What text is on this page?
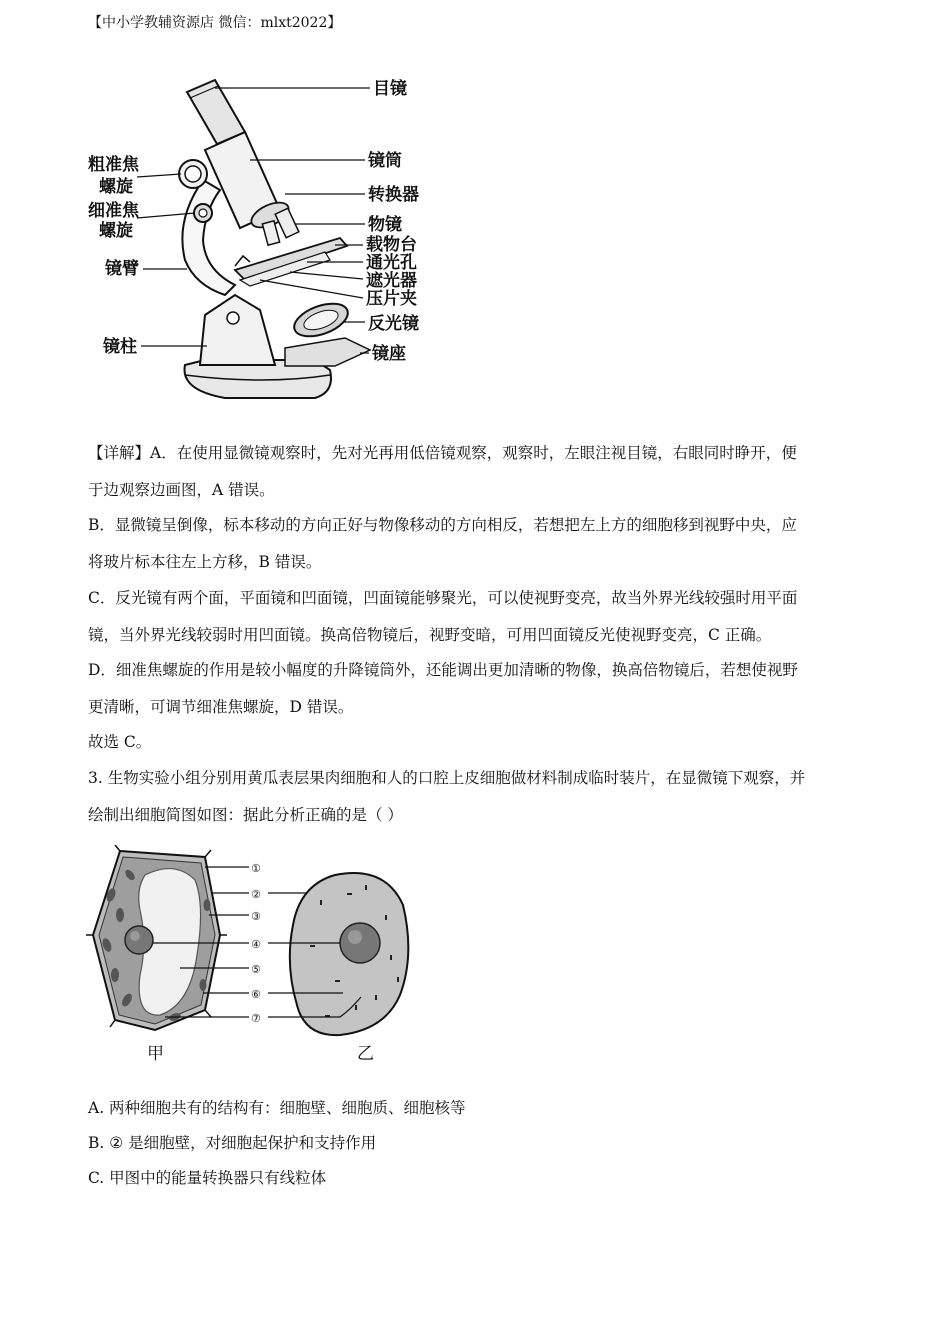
【中小学教辅资源店 微信：mlxt2022】
目镜
镜筒
转换器
物镜
载物台
通光孔
遮光器
压片夹
反光镜
镜座
粗准焦
螺旋
细准焦
螺旋
镜臂
镜柱
【详解】A．在使用显微镜观察时，先对光再用低倍镜观察，观察时，左眼注视目镜，右眼同时睁开，便
于边观察边画图，A 错误。
B．显微镜呈倒像，标本移动的方向正好与物像移动的方向相反，若想把左上方的细胞移到视野中央，应
将玻片标本往左上方移，B 错误。
C．反光镜有两个面，平面镜和凹面镜，凹面镜能够聚光，可以使视野变亮，故当外界光线较强时用平面
镜，当外界光线较弱时用凹面镜。换高倍物镜后，视野变暗，可用凹面镜反光使视野变亮，C 正确。
D．细准焦螺旋的作用是较小幅度的升降镜筒外，还能调出更加清晰的物像，换高倍物镜后，若想使视野
更清晰，可调节细准焦螺旋，D 错误。
故选 C。
3. 生物实验小组分别用黄瓜表层果肉细胞和人的口腔上皮细胞做材料制成临时装片，在显微镜下观察，并
绘制出细胞简图如图：据此分析正确的是（ ）
①
②
③
④
⑤
⑥
⑦
甲	乙
A. 两种细胞共有的结构有：细胞壁、细胞质、细胞核等
B. ② 是细胞壁，对细胞起保护和支持作用
C. 甲图中的能量转换器只有线粒体
